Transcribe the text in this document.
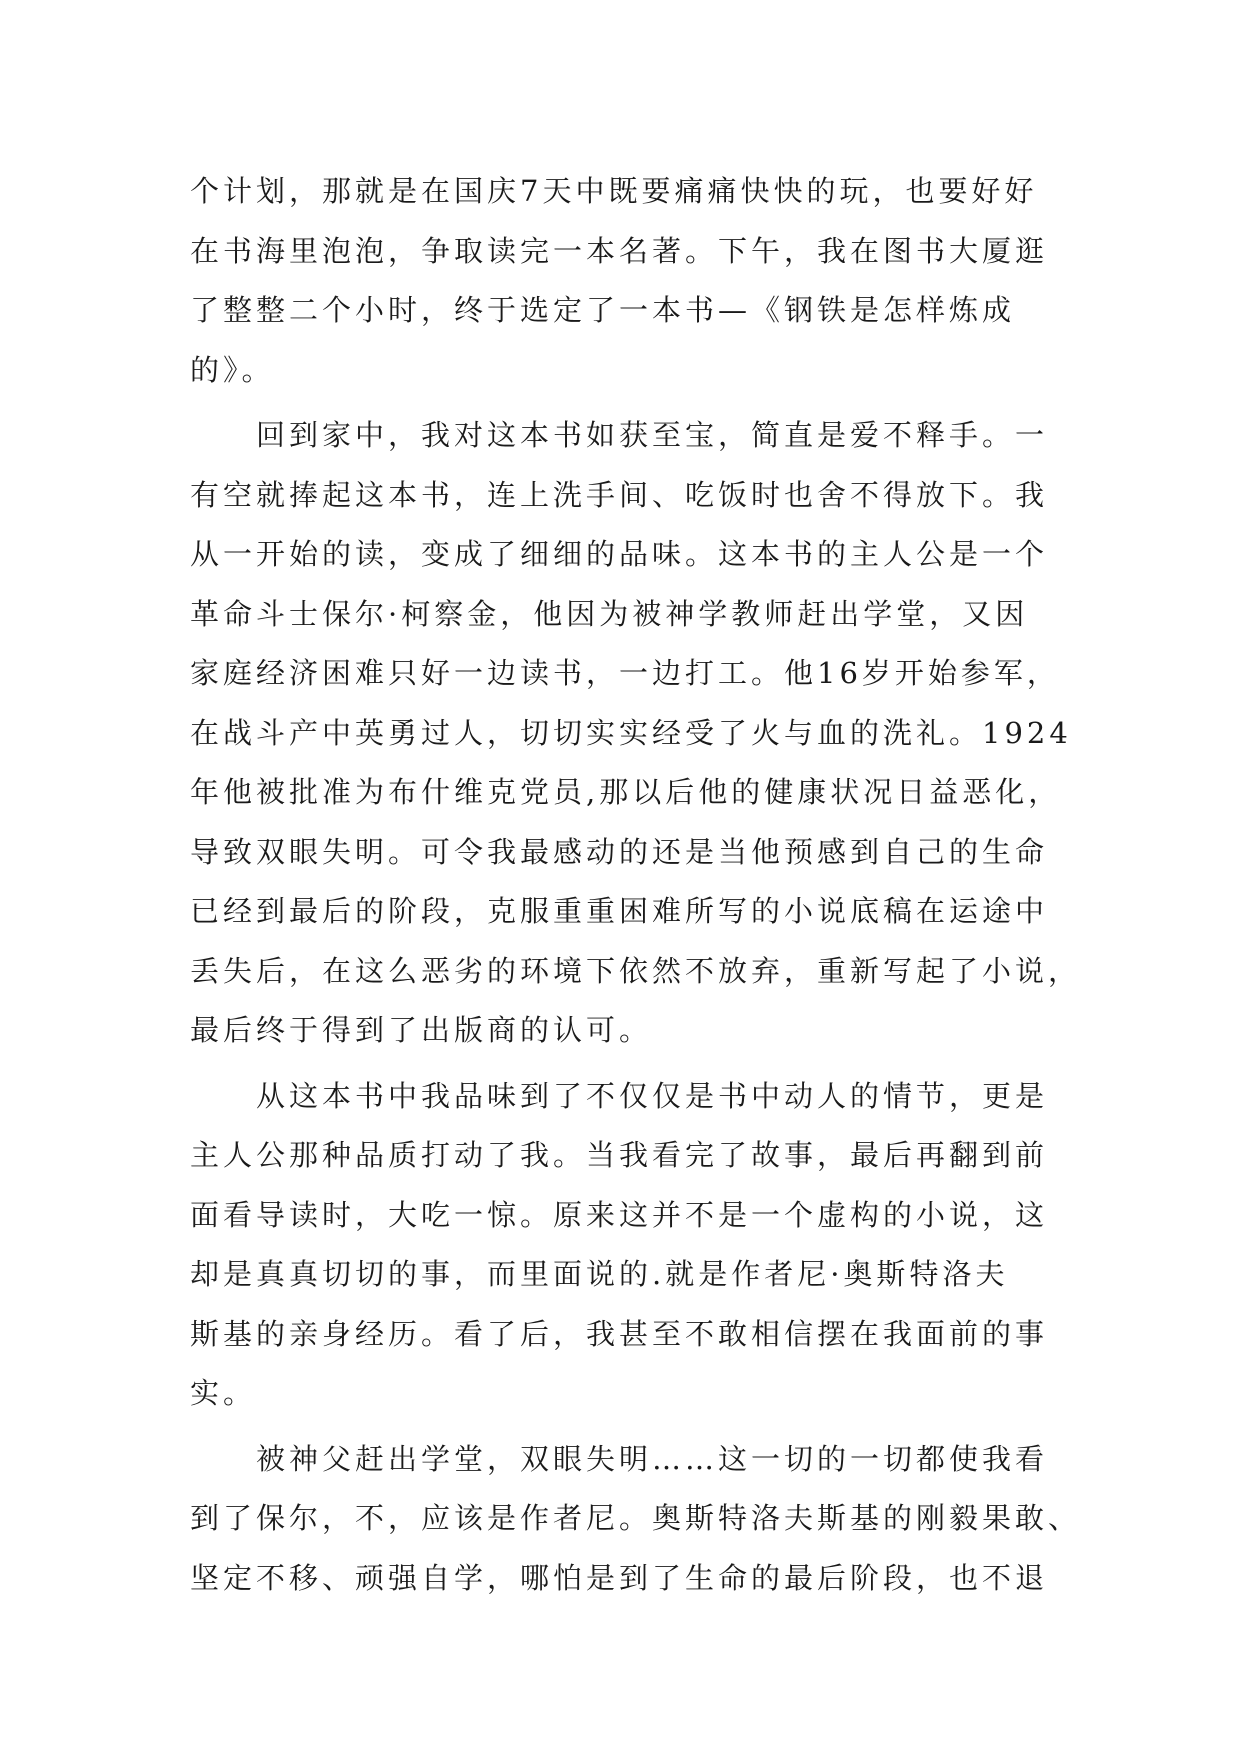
个计划，那就是在国庆7天中既要痛痛快快的玩，也要好好
在书海里泡泡，争取读完一本名著。下午，我在图书大厦逛
了整整二个小时，终于选定了一本书—《钢铁是怎样炼成
的》。
回到家中，我对这本书如获至宝，简直是爱不释手。一
有空就捧起这本书，连上洗手间、吃饭时也舍不得放下。我
从一开始的读，变成了细细的品味。这本书的主人公是一个
革命斗士保尔·柯察金，他因为被神学教师赶出学堂，又因
家庭经济困难只好一边读书，一边打工。他16岁开始参军，
在战斗产中英勇过人，切切实实经受了火与血的洗礼。1924
年他被批准为布什维克党员,那以后他的健康状况日益恶化，
导致双眼失明。可令我最感动的还是当他预感到自己的生命
已经到最后的阶段，克服重重困难所写的小说底稿在运途中
丢失后，在这么恶劣的环境下依然不放弃，重新写起了小说，
最后终于得到了出版商的认可。
从这本书中我品味到了不仅仅是书中动人的情节，更是
主人公那种品质打动了我。当我看完了故事，最后再翻到前
面看导读时，大吃一惊。原来这并不是一个虚构的小说，这
却是真真切切的事，而里面说的.就是作者尼·奥斯特洛夫
斯基的亲身经历。看了后，我甚至不敢相信摆在我面前的事
实。
被神父赶出学堂，双眼失明……这一切的一切都使我看
到了保尔，不，应该是作者尼。奥斯特洛夫斯基的刚毅果敢、
坚定不移、顽强自学，哪怕是到了生命的最后阶段，也不退
